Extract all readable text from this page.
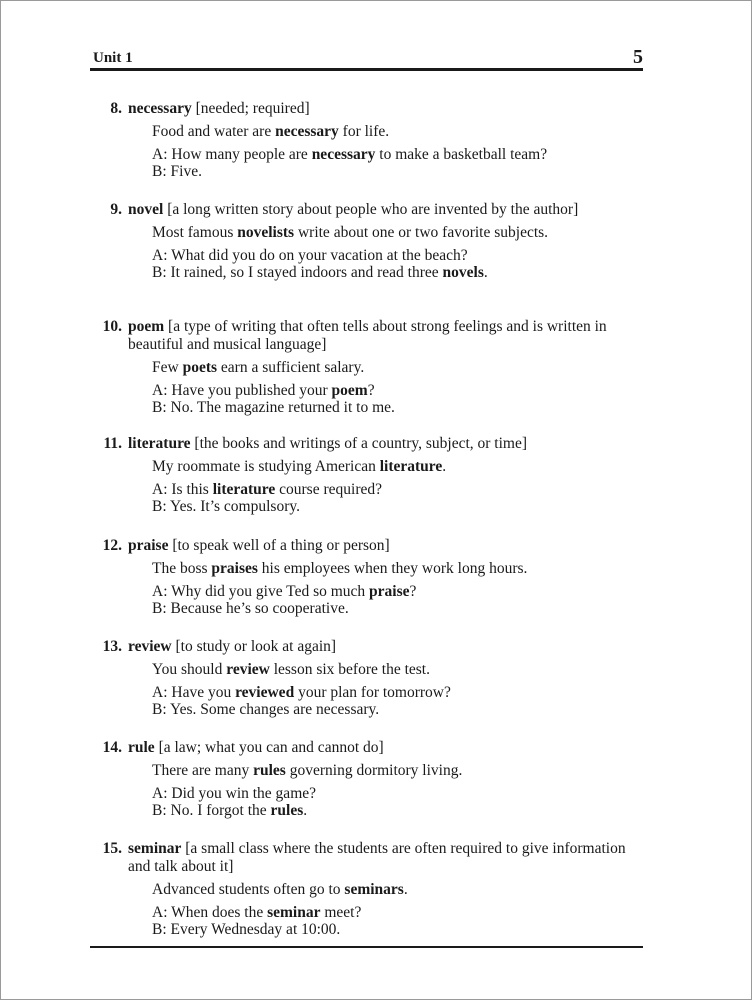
Unit 1	5
8. necessary [needed; required]
Food and water are necessary for life.
A: How many people are necessary to make a basketball team?
B: Five.
9. novel [a long written story about people who are invented by the author]
Most famous novelists write about one or two favorite subjects.
A: What did you do on your vacation at the beach?
B: It rained, so I stayed indoors and read three novels.
10. poem [a type of writing that often tells about strong feelings and is written in beautiful and musical language]
Few poets earn a sufficient salary.
A: Have you published your poem?
B: No. The magazine returned it to me.
11. literature [the books and writings of a country, subject, or time]
My roommate is studying American literature.
A: Is this literature course required?
B: Yes. It’s compulsory.
12. praise [to speak well of a thing or person]
The boss praises his employees when they work long hours.
A: Why did you give Ted so much praise?
B: Because he’s so cooperative.
13. review [to study or look at again]
You should review lesson six before the test.
A: Have you reviewed your plan for tomorrow?
B: Yes. Some changes are necessary.
14. rule [a law; what you can and cannot do]
There are many rules governing dormitory living.
A: Did you win the game?
B: No. I forgot the rules.
15. seminar [a small class where the students are often required to give information and talk about it]
Advanced students often go to seminars.
A: When does the seminar meet?
B: Every Wednesday at 10:00.
